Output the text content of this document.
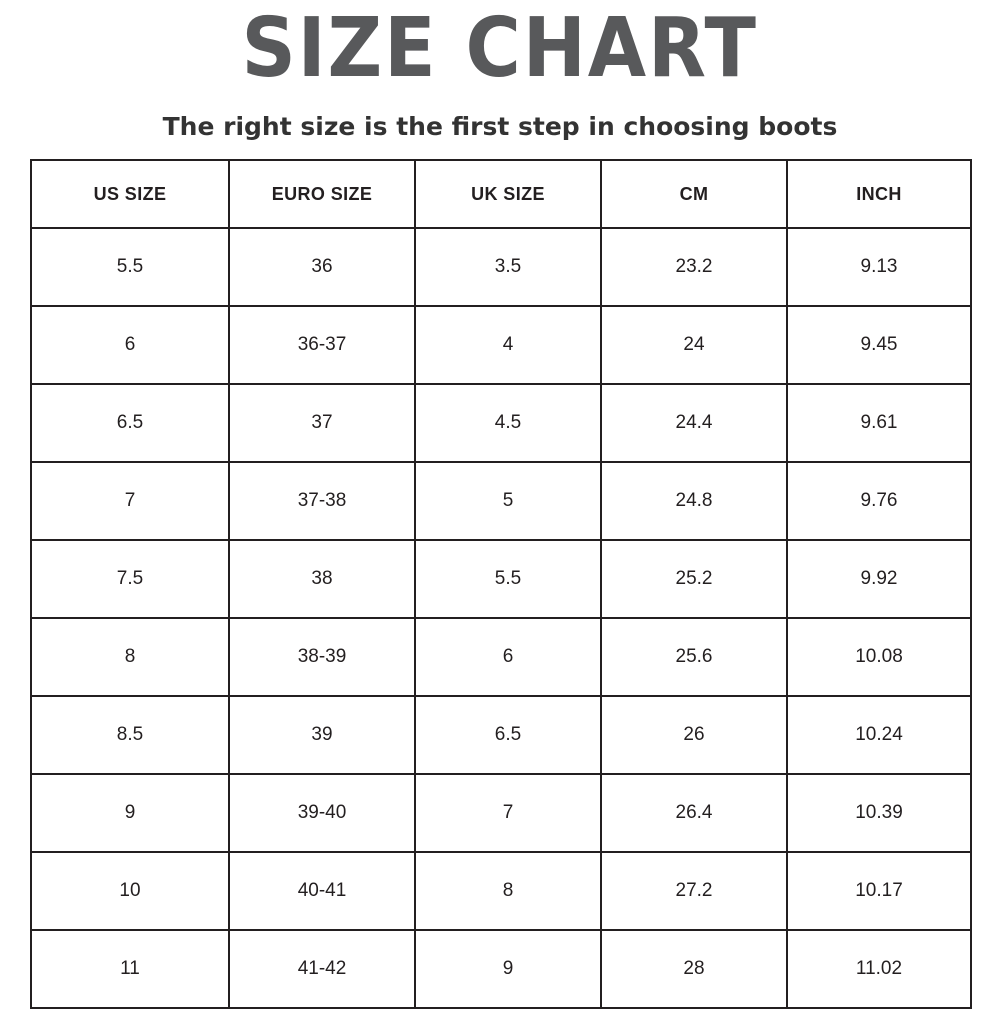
SIZE CHART
The right size is the first step in choosing boots
US SIZE	EURO SIZE	UK SIZE	CM	INCH
5.5	36	3.5	23.2	9.13
6	36-37	4	24	9.45
6.5	37	4.5	24.4	9.61
7	37-38	5	24.8	9.76
7.5	38	5.5	25.2	9.92
8	38-39	6	25.6	10.08
8.5	39	6.5	26	10.24
9	39-40	7	26.4	10.39
10	40-41	8	27.2	10.17
11	41-42	9	28	11.02
